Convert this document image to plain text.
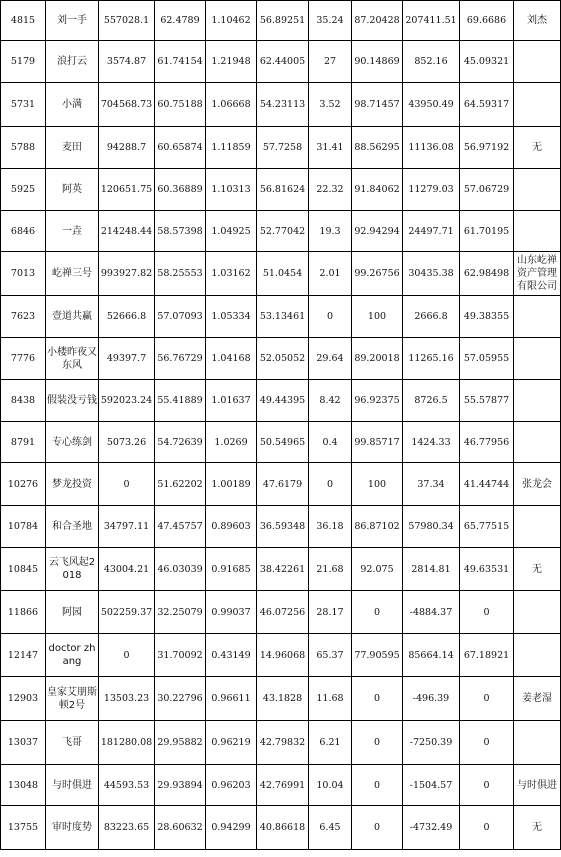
4815	刘一手	557028.1	62.4789	1.10462	56.89251	35.24	87.20428	207411.51	69.6686	刘杰
5179	浪打云	3574.87	61.74154	1.21948	62.44005	27	90.14869	852.16	45.09321	
5731	小满	704568.73	60.75188	1.06668	54.23113	3.52	98.71457	43950.49	64.59317	
5788	麦田	94288.7	60.65874	1.11859	57.7258	31.41	88.56295	11136.08	56.97192	无
5925	阿英	120651.75	60.36889	1.10313	56.81624	22.32	91.84062	11279.03	57.06729	
6846	一垚	214248.44	58.57398	1.04925	52.77042	19.3	92.94294	24497.71	61.70195	
7013	屹禅三号	993927.82	58.25553	1.03162	51.0454	2.01	99.26756	30435.38	62.98498	山东屹禅资产管理有限公司
7623	壹道共赢	52666.8	57.07093	1.05334	53.13461	0	100	2666.8	49.38355	
7776	小楼昨夜又东风	49397.7	56.76729	1.04168	52.05052	29.64	89.20018	11265.16	57.05955	
8438	假装没亏钱	592023.24	55.41889	1.01637	49.44395	8.42	96.92375	8726.5	55.57877	
8791	专心练剑	5073.26	54.72639	1.0269	50.54965	0.4	99.85717	1424.33	46.77956	
10276	梦龙投资	0	51.62202	1.00189	47.6179	0	100	37.34	41.44744	张龙会
10784	和合圣地	34797.11	47.45757	0.89603	36.59348	36.18	86.87102	57980.34	65.77515	
10845	云飞风起2018	43004.21	46.03039	0.91685	38.42261	21.68	92.075	2814.81	49.63531	无
11866	阿园	502259.37	32.25079	0.99037	46.07256	28.17	0	-4884.37	0	
12147	doctor zhang	0	31.70092	0.43149	14.96068	65.37	77.90595	85664.14	67.18921	
12903	皇家艾朋斯顿2号	13503.23	30.22796	0.96611	43.1828	11.68	0	-496.39	0	姜老湿
13037	飞哥	181280.08	29.95882	0.96219	42.79832	6.21	0	-7250.39	0	
13048	与时俱进	44593.53	29.93894	0.96203	42.76991	10.04	0	-1504.57	0	与时俱进
13755	审时度势	83223.65	28.60632	0.94299	40.86618	6.45	0	-4732.49	0	无
